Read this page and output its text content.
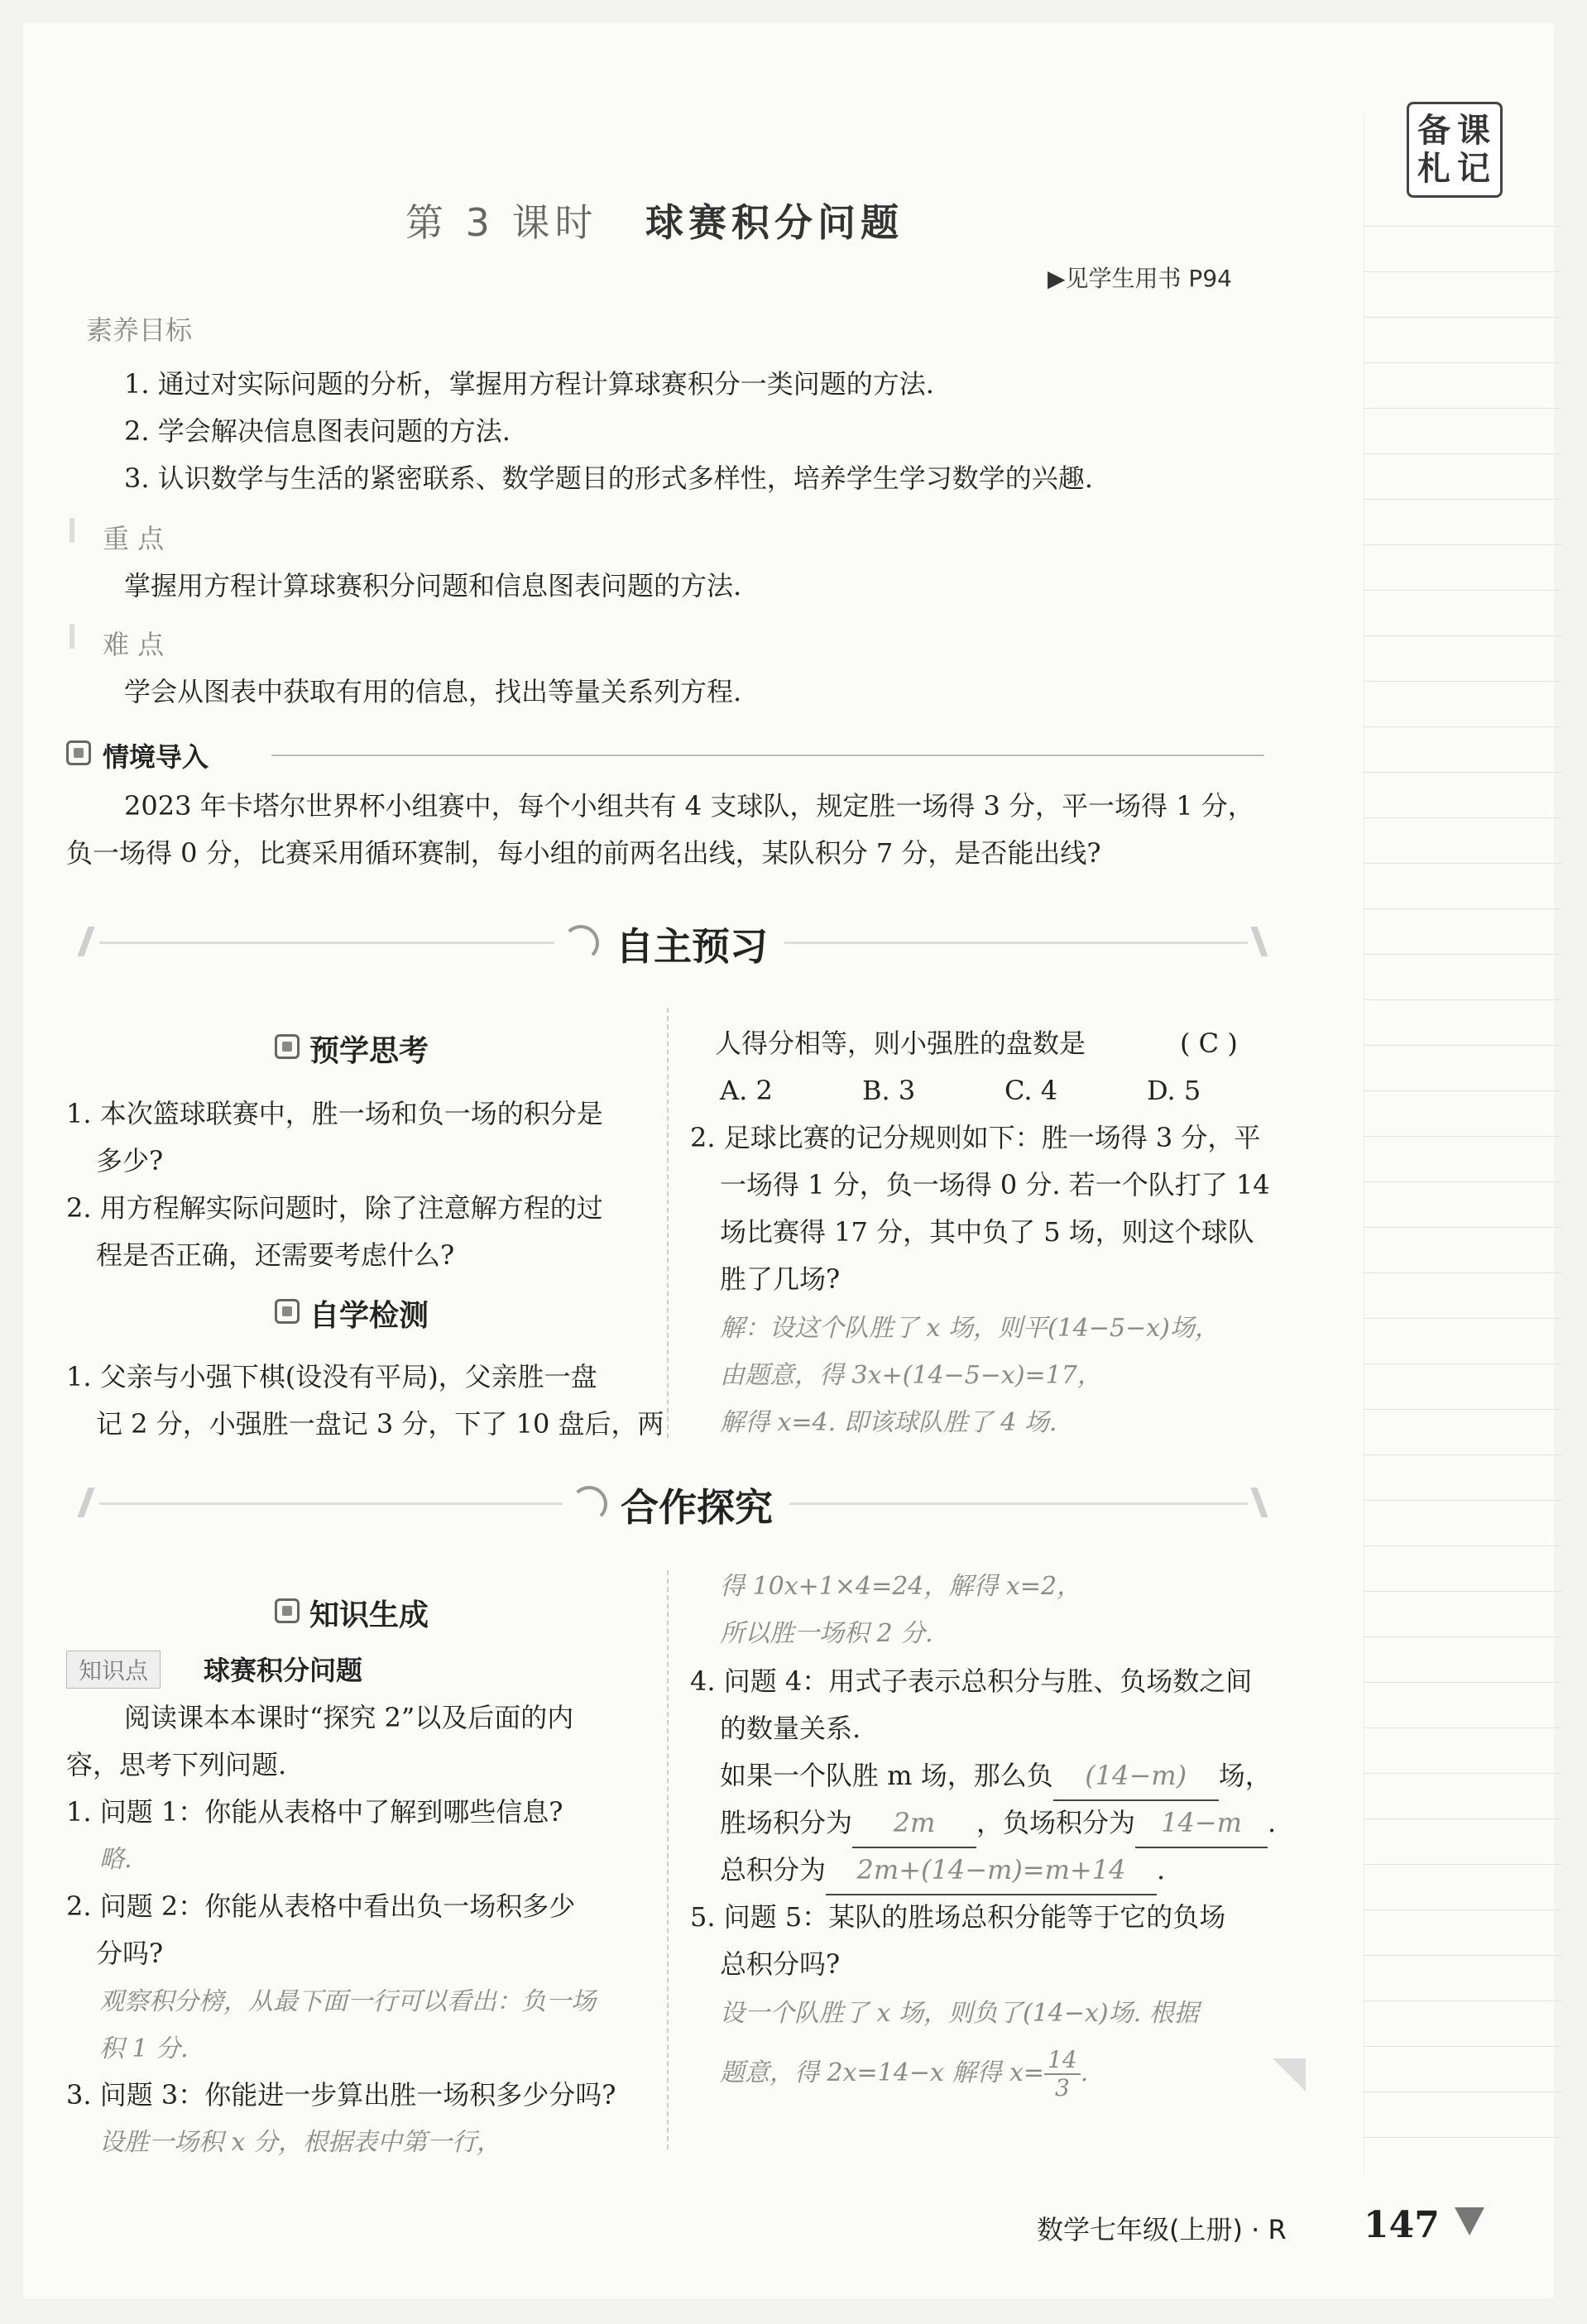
备 课
札 记
第 3 课时 球赛积分问题
▶见学生用书 P94
素养目标
1. 通过对实际问题的分析，掌握用方程计算球赛积分一类问题的方法.
2. 学会解决信息图表问题的方法.
3. 认识数学与生活的紧密联系、数学题目的形式多样性，培养学生学习数学的兴趣.
重 点
掌握用方程计算球赛积分问题和信息图表问题的方法.
难 点
学会从图表中获取有用的信息，找出等量关系列方程.
情境导入
2023 年卡塔尔世界杯小组赛中，每个小组共有 4 支球队，规定胜一场得 3 分，平一场得 1 分，
负一场得 0 分，比赛采用循环赛制，每小组的前两名出线，某队积分 7 分，是否能出线?
自主预习
预学思考
1. 本次篮球联赛中，胜一场和负一场的积分是
多少?
2. 用方程解实际问题时，除了注意解方程的过
程是否正确，还需要考虑什么?
自学检测
1. 父亲与小强下棋(设没有平局)，父亲胜一盘
记 2 分，小强胜一盘记 3 分，下了 10 盘后，两
人得分相等，则小强胜的盘数是	( C )
A. 2	B. 3	C. 4	D. 5
2. 足球比赛的记分规则如下：胜一场得 3 分，平
一场得 1 分，负一场得 0 分. 若一个队打了 14
场比赛得 17 分，其中负了 5 场，则这个球队
胜了几场?
解：设这个队胜了 x 场，则平(14−5−x)场，
由题意，得 3x+(14−5−x)=17，
解得 x=4. 即该球队胜了 4 场.
合作探究
知识生成
知识点	球赛积分问题
阅读课本本课时“探究 2”以及后面的内
容，思考下列问题.
1. 问题 1：你能从表格中了解到哪些信息?
略.
2. 问题 2：你能从表格中看出负一场积多少
分吗?
观察积分榜，从最下面一行可以看出：负一场
积 1 分.
3. 问题 3：你能进一步算出胜一场积多少分吗?
设胜一场积 x 分，根据表中第一行，
得 10x+1×4=24，解得 x=2，
所以胜一场积 2 分.
4. 问题 4：用式子表示总积分与胜、负场数之间
的数量关系.
如果一个队胜 m 场，那么负 (14−m) 场，
胜场积分为 2m ，负场积分为 14−m .
总积分为 2m+(14−m)=m+14 .
5. 问题 5：某队的胜场总积分能等于它的负场
总积分吗?
设一个队胜了 x 场，则负了(14−x)场. 根据
题意，得 2x=14−x 解得 $x= \frac{14}{3}$ .
数学七年级(上册) · R 147
